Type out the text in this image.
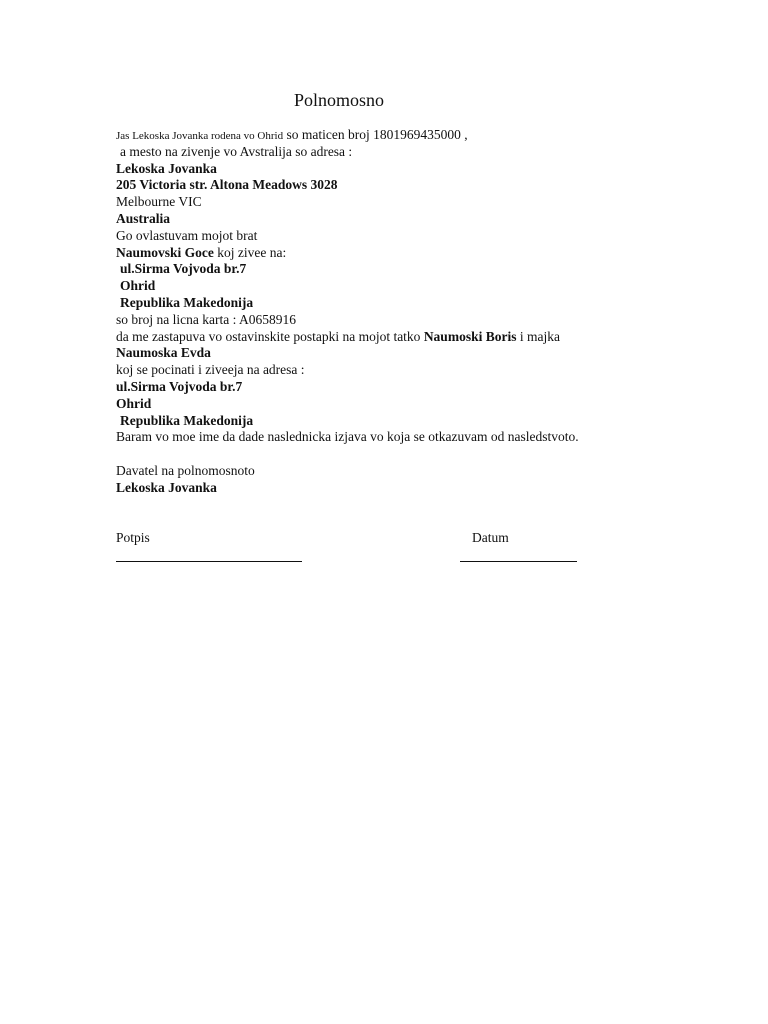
Polnomosno
Jas Lekoska Jovanka rodena vo Ohrid so maticen broj 1801969435000 ,
a mesto na zivenje vo Avstralija so adresa :
Lekoska Jovanka
205 Victoria str. Altona Meadows 3028
Melbourne VIC
Australia
Go ovlastuvam mojot brat
Naumovski Goce koj zivee na:
ul.Sirma Vojvoda br.7
Ohrid
Republika Makedonija
so broj na licna karta : A0658916
da me zastapuva vo ostavinskite postapki na mojot tatko Naumoski Boris i majka
Naumoska Evda
koj se pocinati i ziveeja na adresa :
ul.Sirma Vojvoda br.7
Ohrid
Republika Makedonija
Baram vo moe ime da dade naslednicka izjava vo koja se otkazuvam od nasledstvoto.
Davatel na polnomosnoto
Lekoska Jovanka
Potpis	Datum
